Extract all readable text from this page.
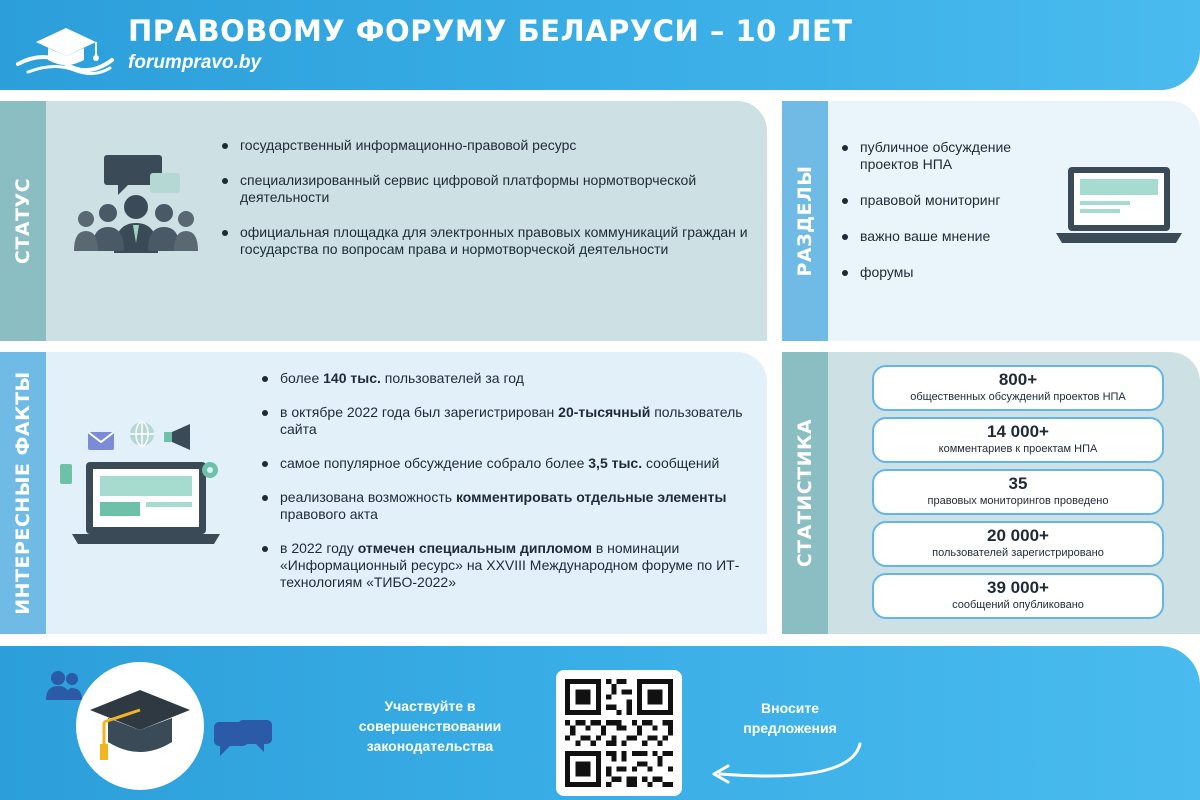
ПРАВОВОМУ ФОРУМУ БЕЛАРУСИ – 10 ЛЕТ
forumpravo.by
СТАТУС
государственный информационно-правовой ресурс
специализированный сервис цифровой платформы нормотворческой деятельности
официальная площадка для электронных правовых коммуникаций граждан и государства по вопросам права и нормотворческой деятельности	РАЗДЕЛЫ
публичное обсуждение проектов НПА
правовой мониторинг
важно ваше мнение
форумы
ИНТЕРЕСНЫЕ ФАКТЫ	более 140 тыс. пользователей за год
в октябре 2022 года был зарегистрирован 20-тысячный пользователь сайта
самое популярное обсуждение собрало более 3,5 тыс. сообщений
реализована возможность комментировать отдельные элементы правового акта
в 2022 году отмечен специальным дипломом в номинации «Информационный ресурс» на XXVIII Международном форуме по ИТ-технологиям «ТИБО-2022»
СТАТИСТИКА
800+
общественных обсуждений проектов НПА
14 000+
комментариев к проектам НПА
35
правовых мониторингов проведено
20 000+
пользователей зарегистрировано
39 000+
сообщений опубликовано
Участвуйте в совершенствовании законодательства
Вносите предложения
